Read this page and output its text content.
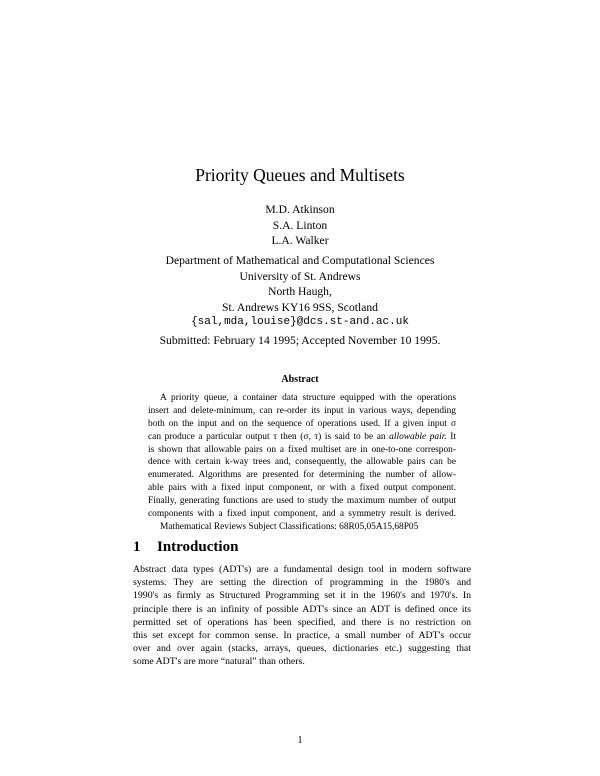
Priority Queues and Multisets
M.D. Atkinson
S.A. Linton
L.A. Walker
Department of Mathematical and Computational Sciences
University of St. Andrews
North Haugh,
St. Andrews KY16 9SS, Scotland
{sal,mda,louise}@dcs.st-and.ac.uk
Submitted: February 14 1995; Accepted November 10 1995.
Abstract
A priority queue, a container data structure equipped with the operations
insert and delete-minimum, can re-order its input in various ways, depending
both on the input and on the sequence of operations used. If a given input σ
can produce a particular output τ then (σ, τ) is said to be an allowable pair. It
is shown that allowable pairs on a fixed multiset are in one-to-one correspon-
dence with certain k-way trees and, consequently, the allowable pairs can be
enumerated. Algorithms are presented for determining the number of allow-
able pairs with a fixed input component, or with a fixed output component.
Finally, generating functions are used to study the maximum number of output
components with a fixed input component, and a symmetry result is derived.
Mathematical Reviews Subject Classifications: 68R05,05A15,68P05
1 Introduction
Abstract data types (ADT's) are a fundamental design tool in modern software
systems. They are setting the direction of programming in the 1980's and
1990's as firmly as Structured Programming set it in the 1960's and 1970's. In
principle there is an infinity of possible ADT's since an ADT is defined once its
permitted set of operations has been specified, and there is no restriction on
this set except for common sense. In practice, a small number of ADT's occur
over and over again (stacks, arrays, queues, dictionaries etc.) suggesting that
some ADT's are more “natural” than others.
1
